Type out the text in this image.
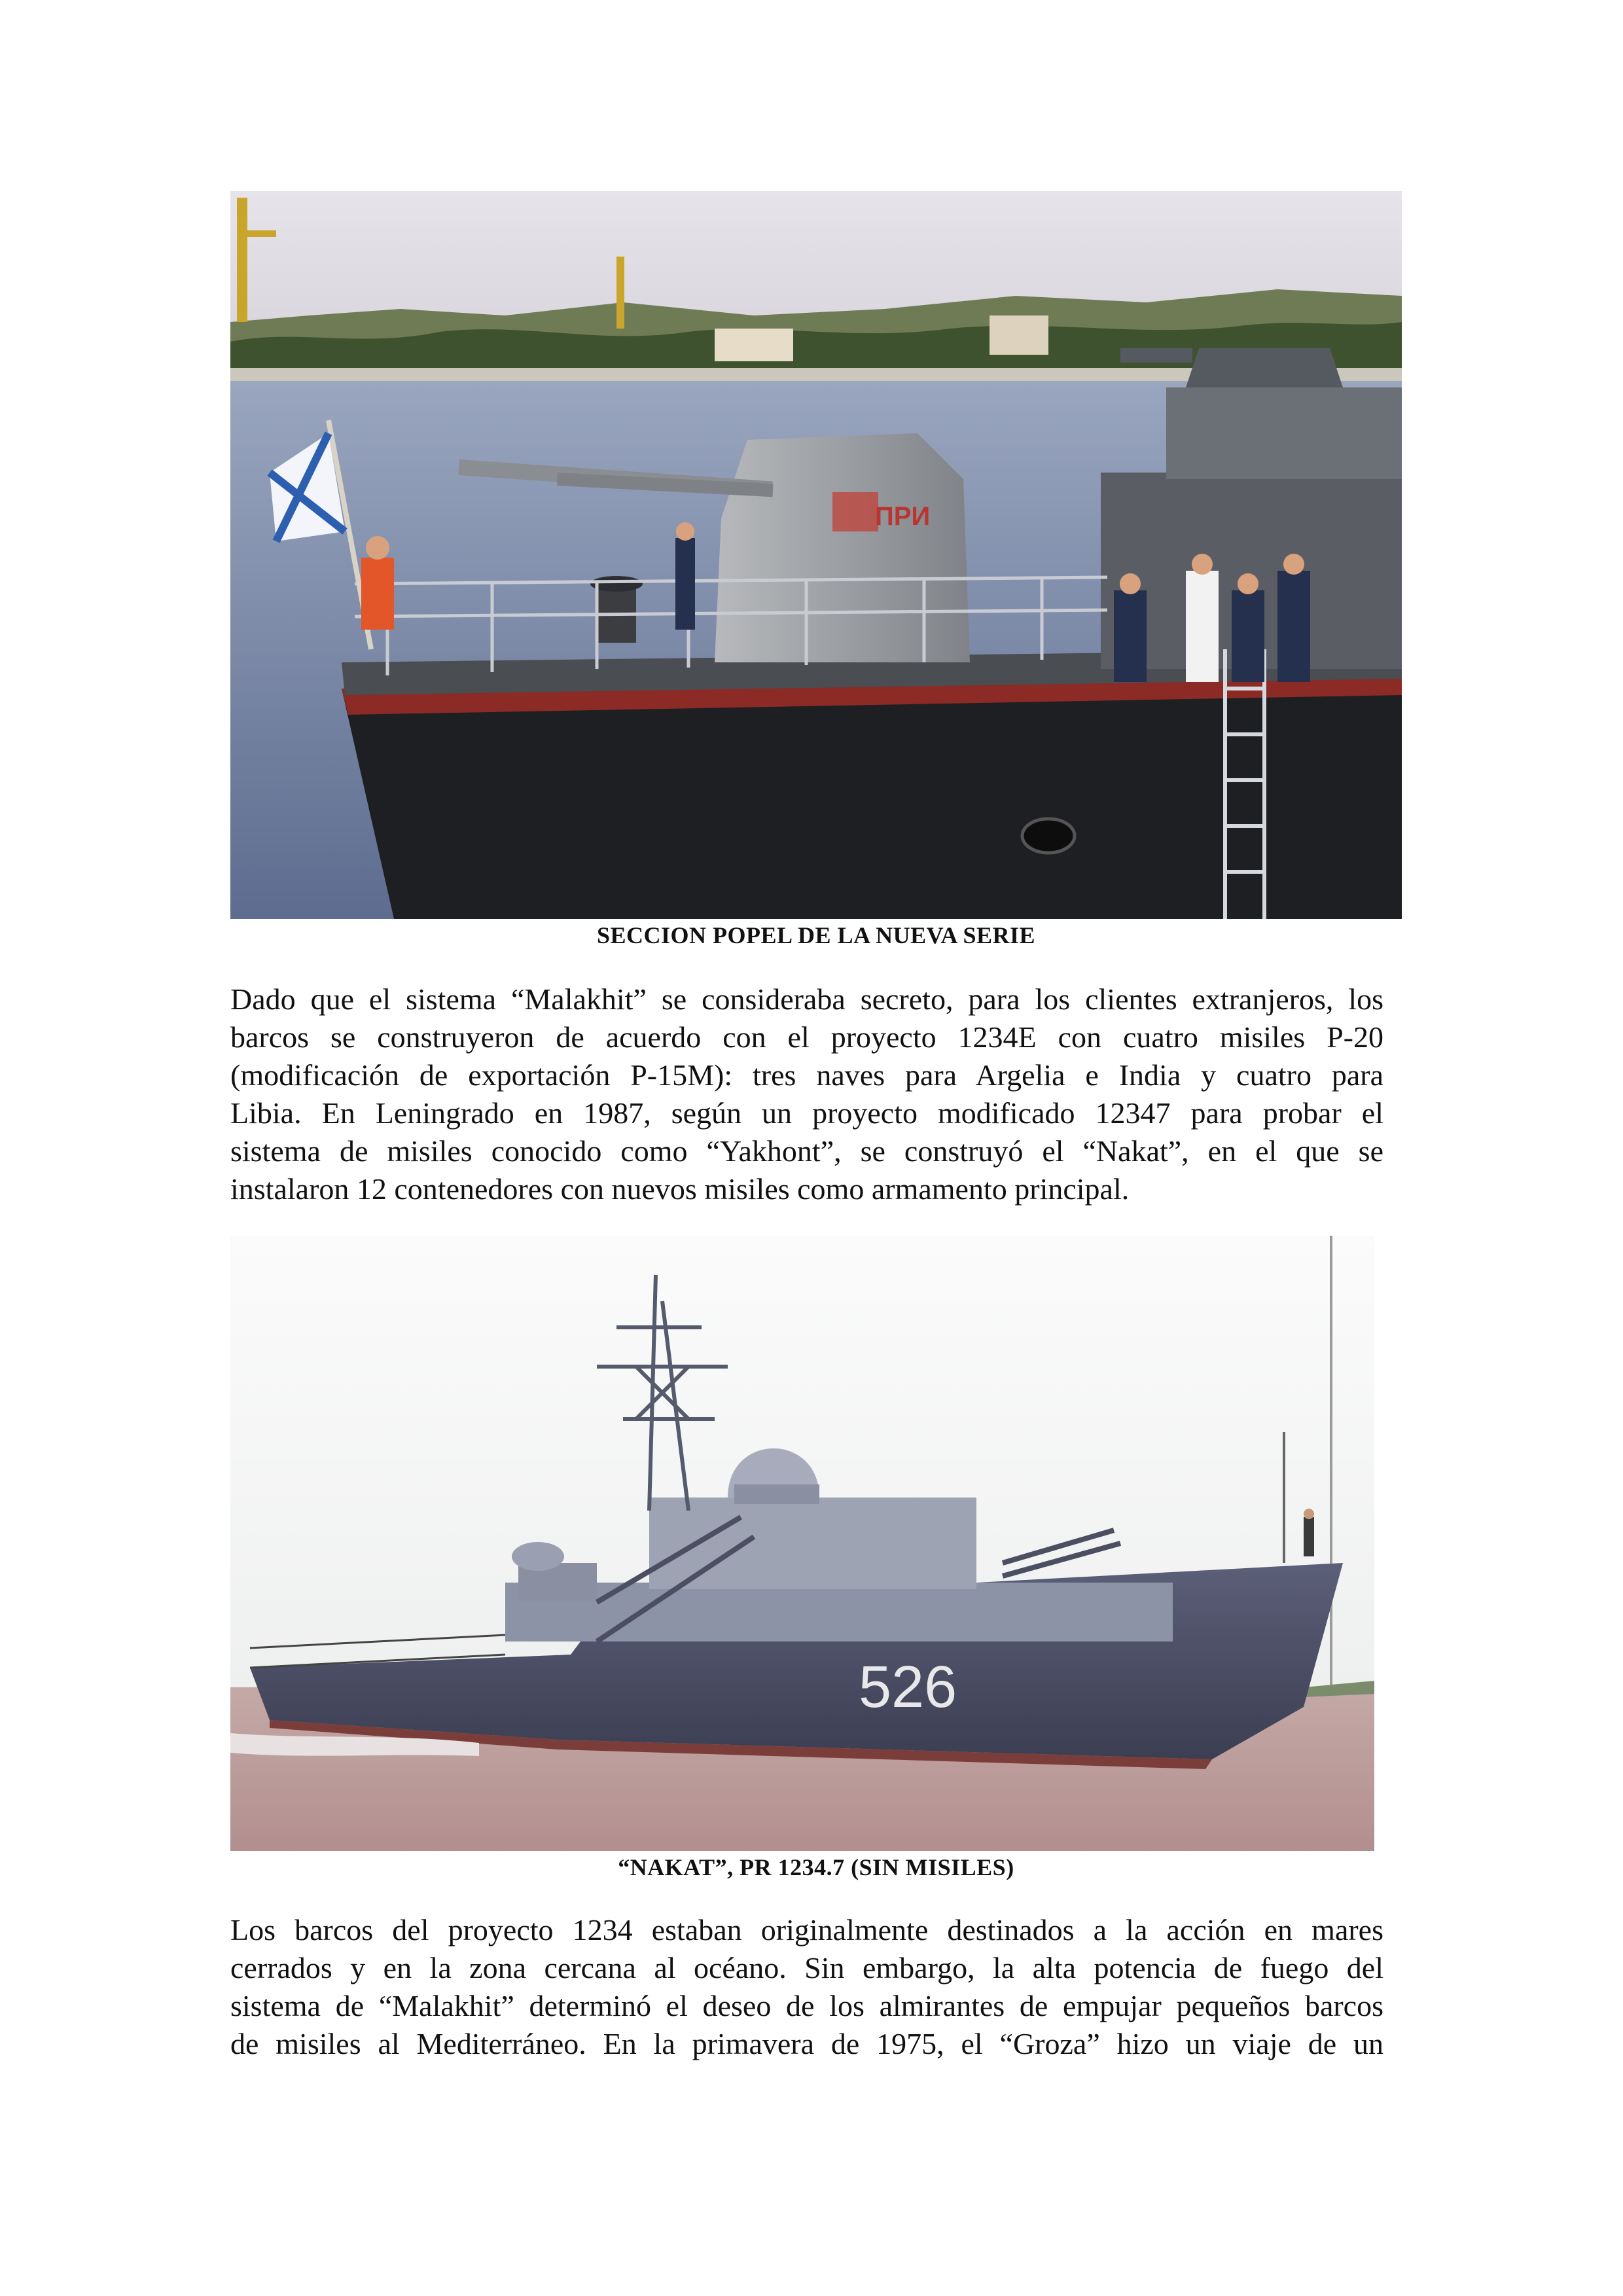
ПРИ
SECCION POPEL DE LA NUEVA SERIE
Dado que el sistema “Malakhit” se consideraba secreto, para los clientes extranjeros, los
barcos se construyeron de acuerdo con el proyecto 1234E con cuatro misiles P-20
(modificación de exportación P-15M): tres naves para Argelia e India y cuatro para
Libia. En Leningrado en 1987, según un proyecto modificado 12347 para probar el
sistema de misiles conocido como “Yakhont”, se construyó el “Nakat”, en el que se
instalaron 12 contenedores con nuevos misiles como armamento principal.
526
“NAKAT”, PR 1234.7 (SIN MISILES)
Los barcos del proyecto 1234 estaban originalmente destinados a la acción en mares
cerrados y en la zona cercana al océano. Sin embargo, la alta potencia de fuego del
sistema de “Malakhit” determinó el deseo de los almirantes de empujar pequeños barcos
de misiles al Mediterráneo. En la primavera de 1975, el “Groza” hizo un viaje de un
